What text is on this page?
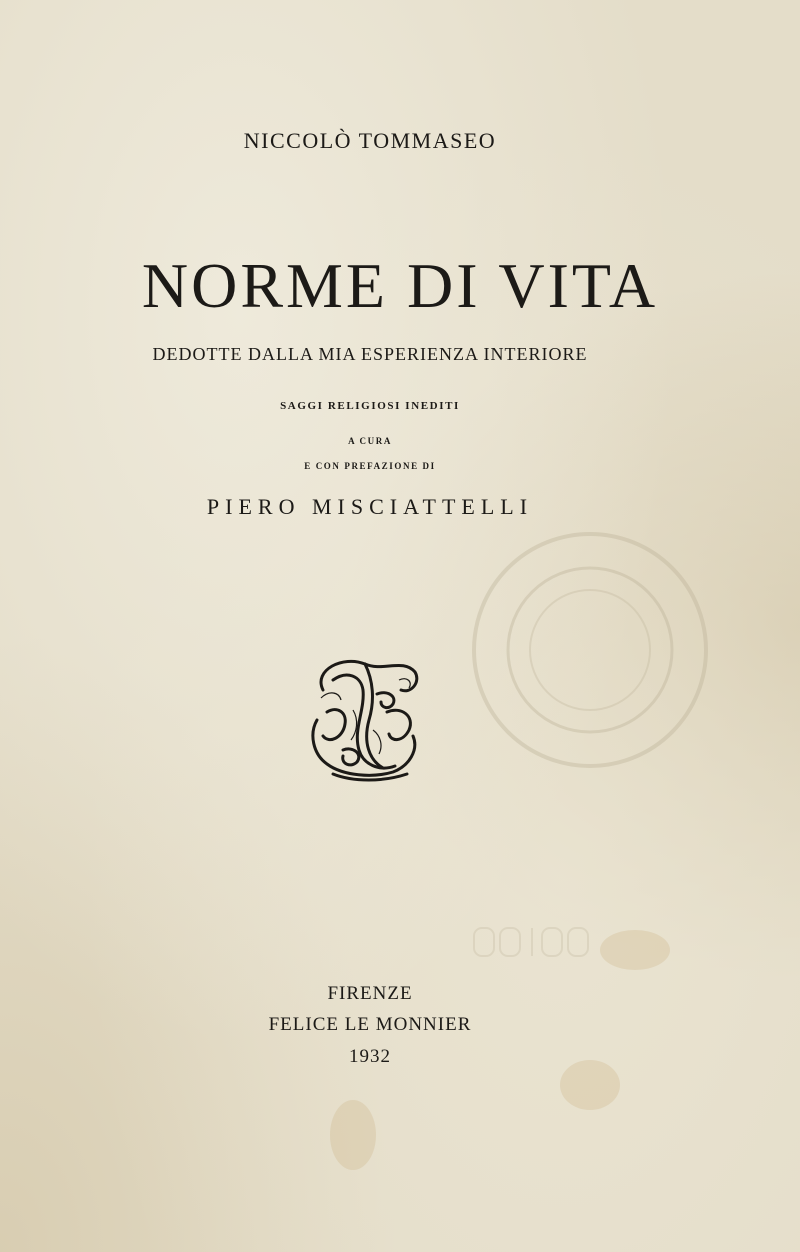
NICCOLÒ TOMMASEO
NORME DI VITA
DEDOTTE DALLA MIA ESPERIENZA INTERIORE
SAGGI RELIGIOSI INEDITI
A CURA
E CON PREFAZIONE DI
PIERO MISCIATTELLI
FIRENZE
FELICE LE MONNIER
1932
